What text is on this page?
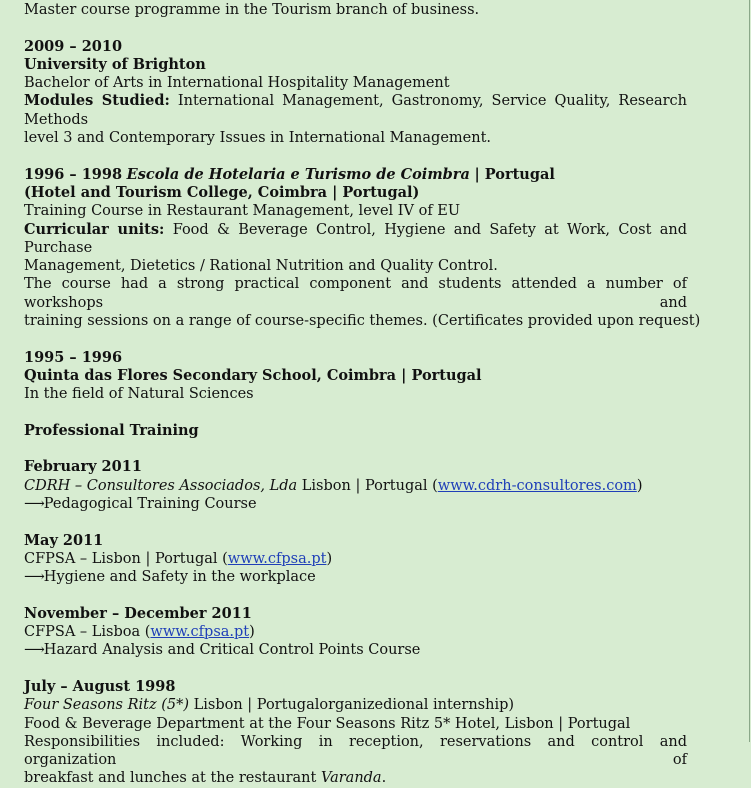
Master course programme in the Tourism branch of business.
2009 – 2010
University of Brighton
Bachelor of Arts in International Hospitality Management
Modules Studied: International Management, Gastronomy, Service Quality, Research Methods
level 3 and Contemporary Issues in International Management.
1996 – 1998 Escola de Hotelaria e Turismo de Coimbra | Portugal
(Hotel and Tourism College, Coimbra | Portugal)
Training Course in Restaurant Management, level IV of EU
Curricular units: Food & Beverage Control, Hygiene and Safety at Work, Cost and Purchase
Management, Dietetics / Rational Nutrition and Quality Control.
The course had a strong practical component and students attended a number of workshops and
training sessions on a range of course-specific themes. (Certificates provided upon request)
1995 – 1996
Quinta das Flores Secondary School, Coimbra | Portugal
In the field of Natural Sciences
Professional Training
February 2011
CDRH – Consultores Associados, Lda Lisbon | Portugal (www.cdrh-consultores.com)
⟶Pedagogical Training Course
May 2011
CFPSA – Lisbon | Portugal (www.cfpsa.pt)
⟶Hygiene and Safety in the workplace
November – December 2011
CFPSA – Lisboa (www.cfpsa.pt)
⟶Hazard Analysis and Critical Control Points Course
July – August 1998
Four Seasons Ritz (5*) Lisbon | Portugalorganizedional internship)
Food & Beverage Department at the Four Seasons Ritz 5* Hotel, Lisbon | Portugal
Responsibilities included: Working in reception, reservations and control and organization of
breakfast and lunches at the restaurant Varanda.
